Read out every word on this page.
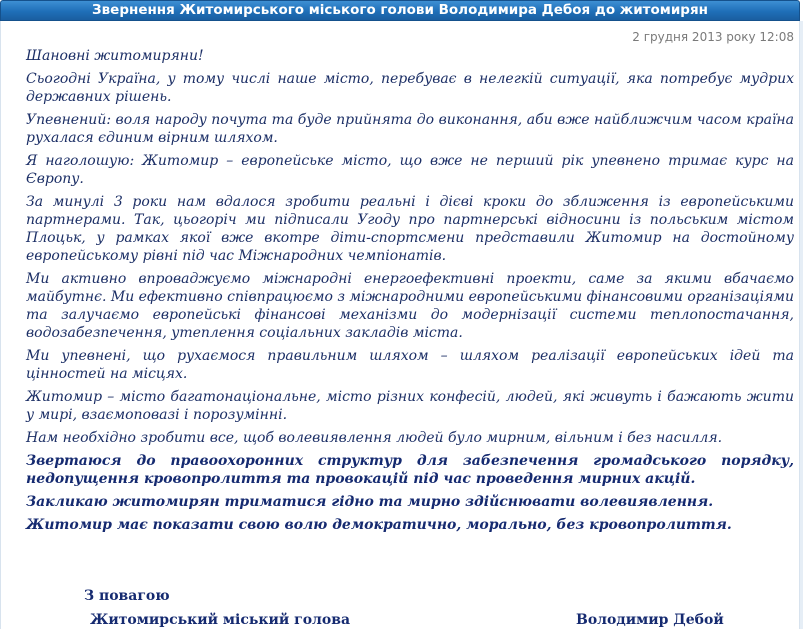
Звернення Житомирського міського голови Володимира Дебоя до житомирян
2 грудня 2013 року 12:08

Шановні житомиряни!

Сьогодні Україна, у тому числі наше місто, перебуває в нелегкій ситуації, яка потребує мудрих державних рішень.

Упевнений: воля народу почута та буде прийнята до виконання, аби вже найближчим часом країна рухалася єдиним вірним шляхом.

Я наголошую: Житомир – европейське місто, що вже не перший рік упевнено тримає курс на Європу.

За минулі 3 роки нам вдалося зробити реальні і дієві кроки до зближення із европейськими партнерами. Так, цьогоріч ми підписали Угоду про партнерські відносини із польським містом Плоцьк, у рамках якої вже вкотре діти-спортсмени представили Житомир на достойному европейському рівні під час Міжнародних чемпіонатів.

Ми активно впроваджуємо міжнародні енергоефективні проекти, саме за якими вбачаємо майбутнє. Ми ефективно співпрацюємо з міжнародними европейськими фінансовими організаціями та залучаємо европейські фінансові механізми до модернізації системи теплопостачання, водозабезпечення, утеплення соціальних закладів міста.

Ми упевнені, що рухаємося правильним шляхом – шляхом реалізації европейських ідей та цінностей на місцях.

Житомир – місто багатонаціональне, місто різних конфесій, людей, які живуть і бажають жити у мирі, взаємоповазі і порозумінні.

Нам необхідно зробити все, щоб волевиявлення людей було мирним, вільним і без насилля.

Звертаюся до правоохоронних структур для забезпечення громадського порядку, недопущення кровопролиття та провокацій під час проведення мирних акцій.

Закликаю житомирян триматися гідно та мирно здійснювати волевиявлення.

Житомир має показати свою волю демократично, морально, без кровопролиття.

З повагою
Житомирський міський голова	Володимир Дебой
